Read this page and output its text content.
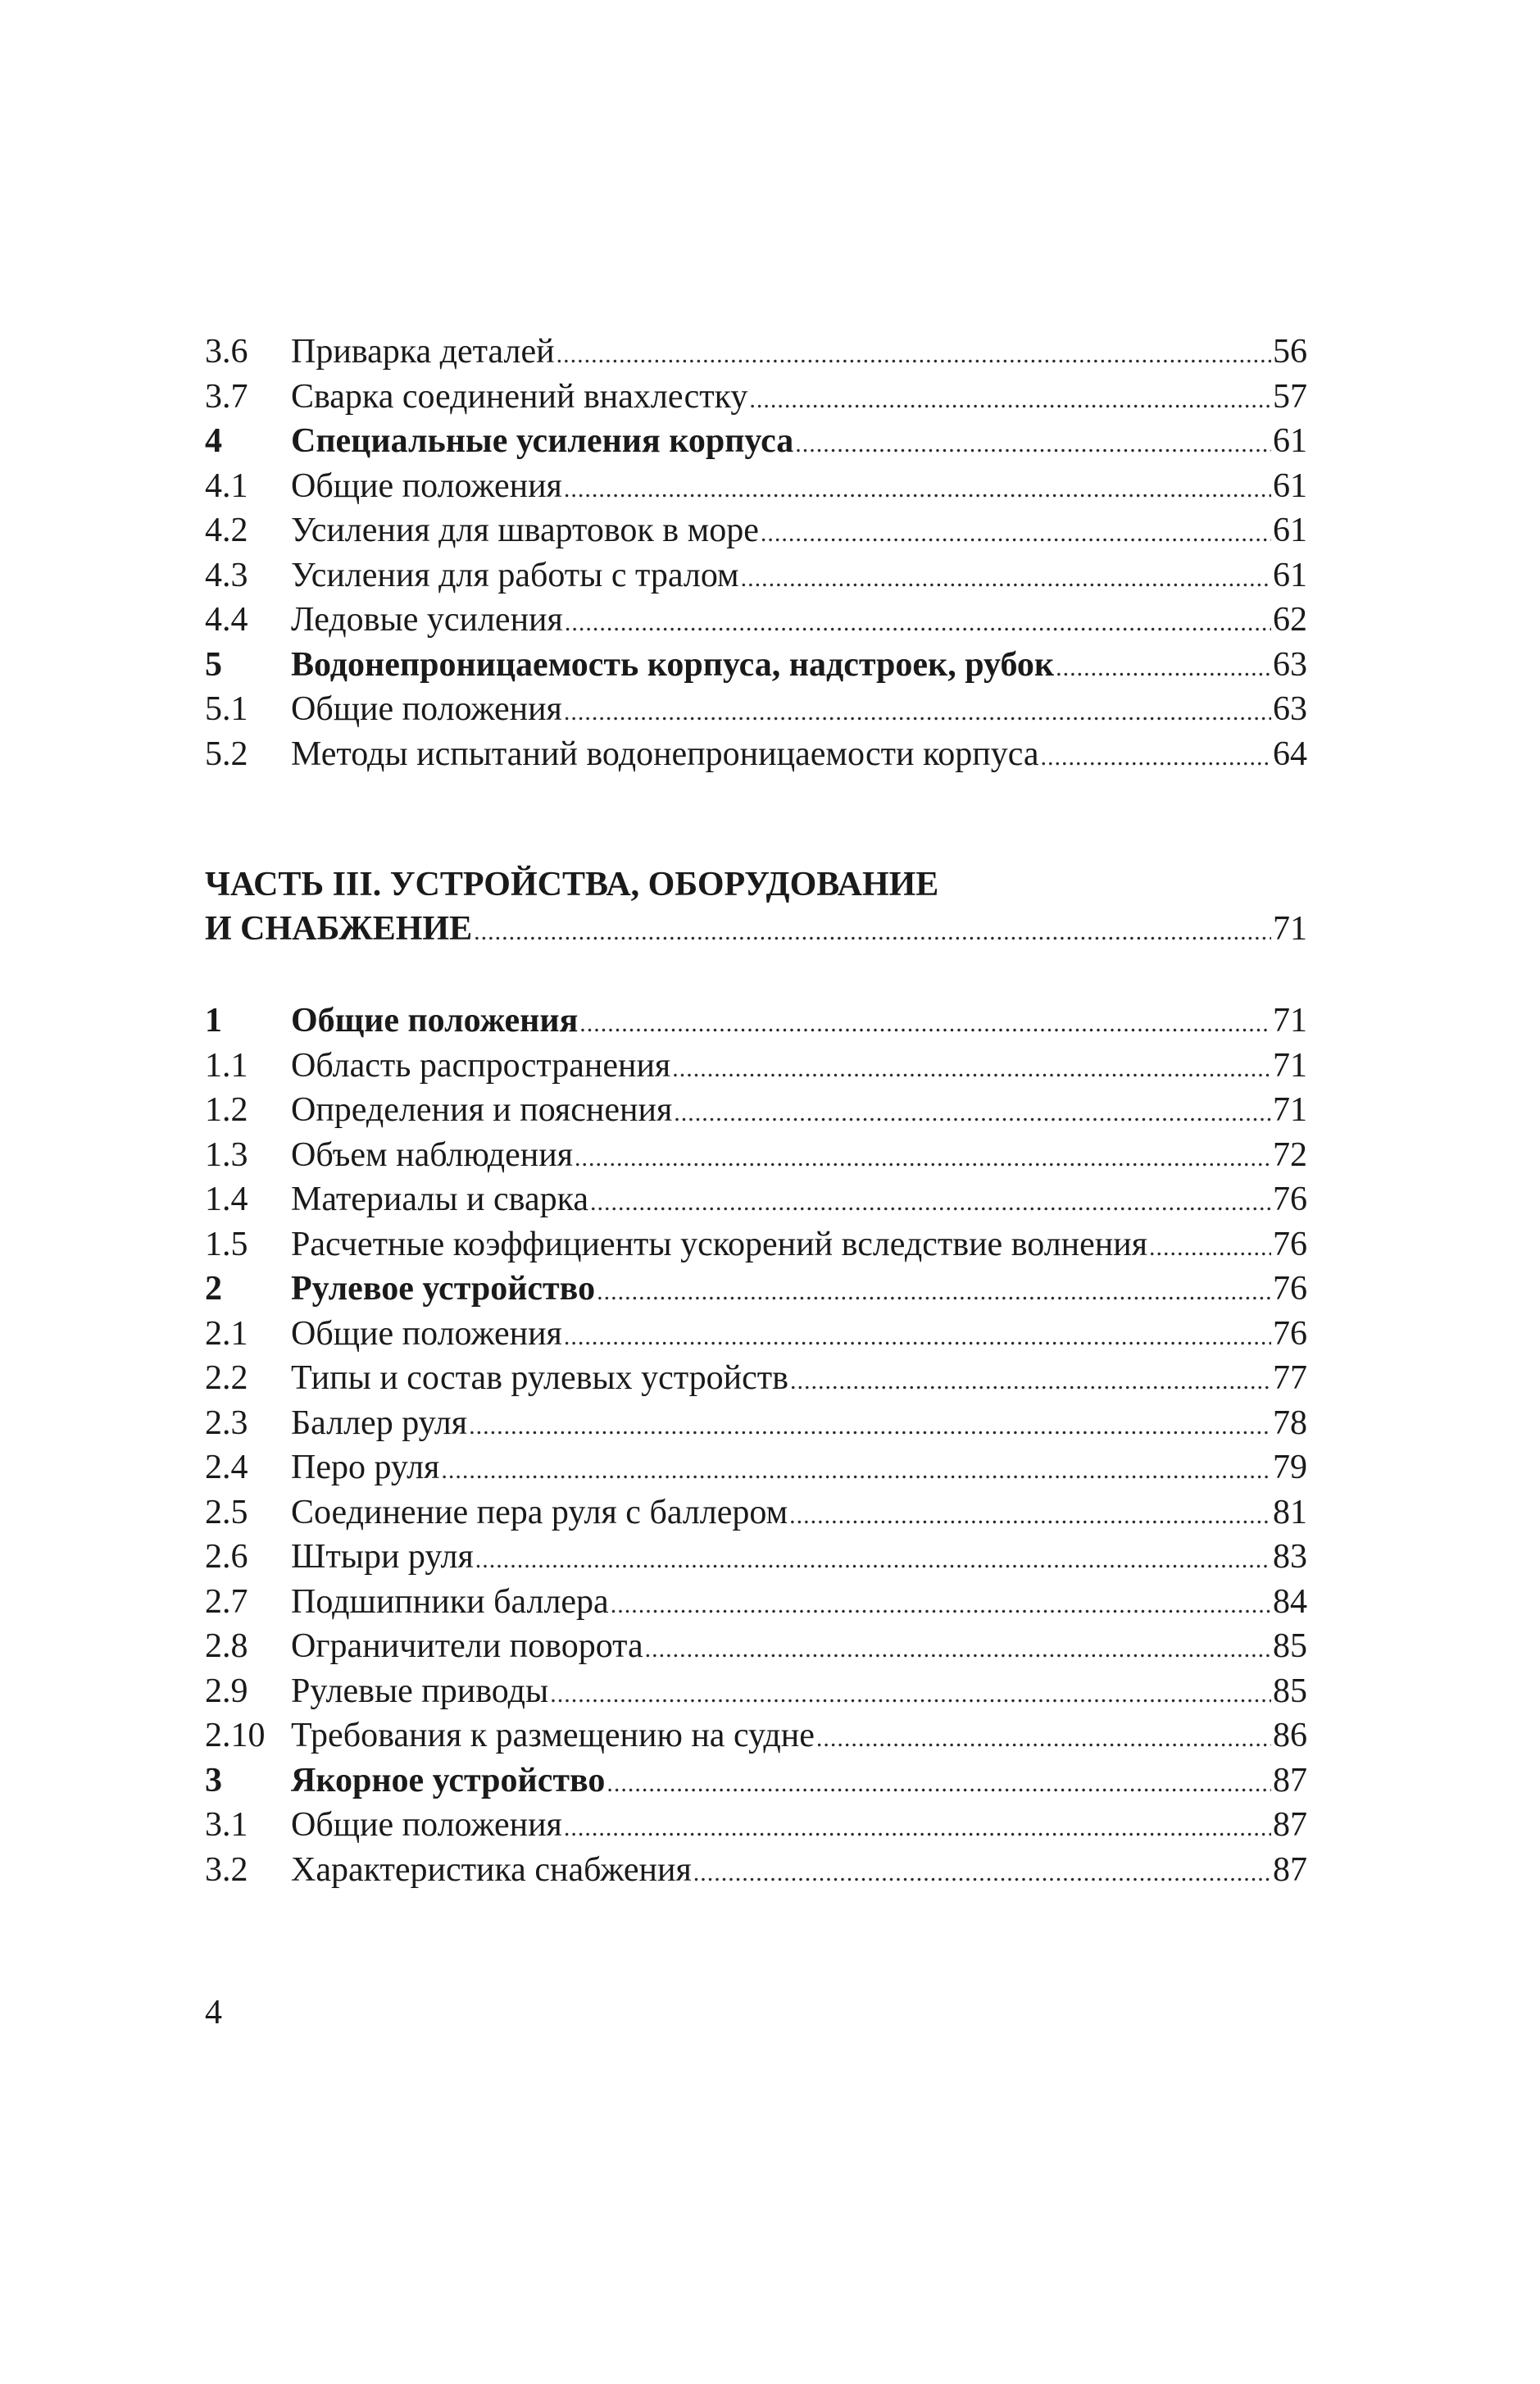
3.6	Приварка деталей .....	56
3.7	Сварка соединений внахлестку .....	57
4	Специальные усиления корпуса .....	61
4.1	Общие положения .....	61
4.2	Усиления для швартовок в море .....	61
4.3	Усиления для работы с тралом .....	61
4.4	Ледовые усиления .....	62
5	Водонепроницаемость корпуса, надстроек, рубок .....	63
5.1	Общие положения .....	63
5.2	Методы испытаний водонепроницаемости корпуса .....	64
ЧАСТЬ III. УСТРОЙСТВА, ОБОРУДОВАНИЕ
И СНАБЖЕНИЕ .....	71
1	Общие положения .....	71
1.1	Область распространения .....	71
1.2	Определения и пояснения .....	71
1.3	Объем наблюдения .....	72
1.4	Материалы и сварка .....	76
1.5	Расчетные коэффициенты ускорений вследствие волнения .....	76
2	Рулевое устройство .....	76
2.1	Общие положения .....	76
2.2	Типы и состав рулевых устройств .....	77
2.3	Баллер руля .....	78
2.4	Перо руля .....	79
2.5	Соединение пера руля с баллером .....	81
2.6	Штыри руля .....	83
2.7	Подшипники баллера .....	84
2.8	Ограничители поворота .....	85
2.9	Рулевые приводы .....	85
2.10 Требования к размещению на судне .....	86
3	Якорное устройство .....	87
3.1	Общие положения .....	87
3.2	Характеристика снабжения .....	87
4
